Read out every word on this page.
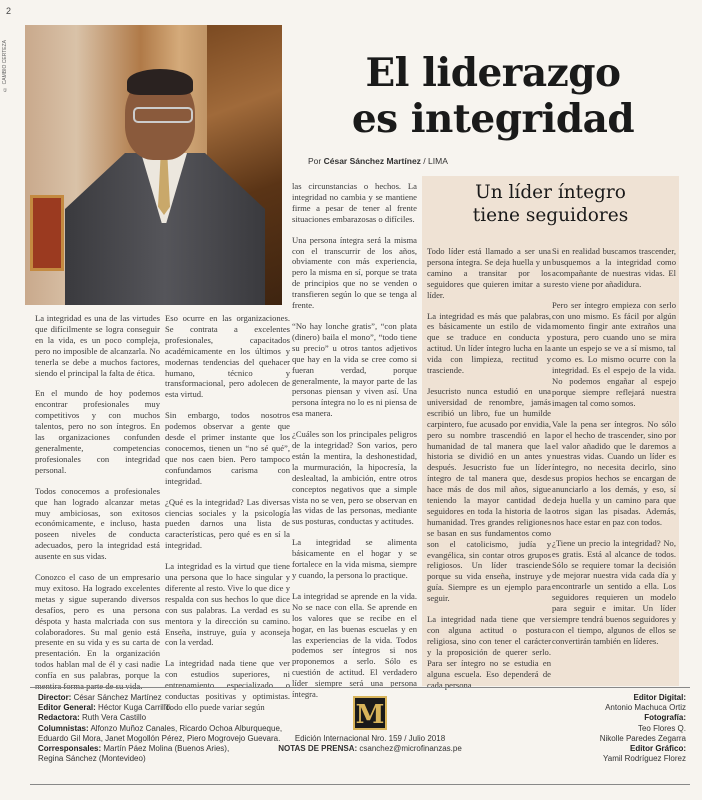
2
© CAMBIO CERTEZA	El liderazgo
es integridad
Por César Sánchez Martínez / LIMA

La integridad es una de las virtudes que difícilmente se logra conseguir en la vida, es un poco compleja, pero no imposible de alcanzarla. No tenerla se debe a muchos factores, siendo el principal la falta de ética.

En el mundo de hoy podemos encontrar profesionales muy competitivos y con muchos talentos, pero no son íntegros. En las organizaciones confunden generalmente, competencias profesionales con integridad personal.

Todos conocemos a profesionales que han logrado alcanzar metas muy ambiciosas, son exitosos económicamente, e incluso, hasta poseen niveles de conducta adecuados, pero la integridad está ausente en sus vidas.

Conozco el caso de un empresario muy exitoso. Ha logrado excelentes metas y sigue superando diversos desafíos, pero es una persona déspota y hasta malcriada con sus colaboradores. Su mal genio está presente en su vida y es su carta de presentación. En la organización todos hablan mal de él y casi nadie confía en sus palabras, porque la mentira forma parte de su vida.

Eso ocurre en las organizaciones. Se contrata a excelentes profesionales, capacitados académicamente en los últimos y modernas tendencias del quehacer humano, técnico y transformacional, pero adolecen de esta virtud.

Sin embargo, todos nosotros podemos observar a gente que desde el primer instante que los conocemos, tienen un “no sé qué”, que nos caen bien. Pero tampoco confundamos carisma con integridad.

¿Qué es la integridad? Las diversas ciencias sociales y la psicología pueden darnos una lista de características, pero qué es en sí la integridad.

La integridad es la virtud que tiene una persona que lo hace singular y diferente al resto. Vive lo que dice y respalda con sus hechos lo que dice con sus palabras. La verdad es su mentora y la dirección su camino. Enseña, instruye, guía y aconseja con la verdad.

La integridad nada tiene que ver con estudios superiores, ni entrenamiento especializado o conductas positivas y optimistas. Todo ello puede variar según

las circunstancias o hechos. La integridad no cambia y se mantiene firme a pesar de tener al frente situaciones embarazosas o difíciles.

Una persona íntegra será la misma con el transcurrir de los años, obviamente con más experiencia, pero la misma en sí, porque se trata de principios que no se venden o transfieren según lo que se tenga al frente.

“No hay lonche gratis”, “con plata (dinero) baila el mono”, “todo tiene su precio” u otros tantos adjetivos que hay en la vida se cree como si fueran verdad, porque generalmente, la mayor parte de las personas piensan y viven así. Una persona íntegra no lo es ni piensa de esa manera.

¿Cuáles son los principales peligros de la integridad? Son varios, pero están la mentira, la deshonestidad, la murmuración, la hipocresía, la deslealtad, la ambición, entre otros conceptos negativos que a simple vista no se ven, pero se observan en las vidas de las personas, mediante sus posturas, conductas y actitudes.

La integridad se alimenta básicamente en el hogar y se fortalece en la vida misma, siempre y cuando, la persona lo practique.

La integridad se aprende en la vida. No se nace con ella. Se aprende en los valores que se recibe en el hogar, en las buenas escuelas y en las experiencias de la vida. Todos podemos ser íntegros si nos proponemos a serlo. Sólo es cuestión de actitud. El verdadero líder siempre será una persona íntegra.

Un líder íntegro
tiene seguidores

Todo líder está llamado a ser una persona íntegra. Se deja huella y un camino a transitar por los seguidores que quieren imitar a su líder.

La integridad es más que palabras, es básicamente un estilo de vida que se traduce en conducta y actitud. Un líder íntegro lucha en la vida con limpieza, rectitud y trasciende.

Jesucristo nunca estudió en una universidad de renombre, jamás escribió un libro, fue un humilde carpintero, fue acusado por envidia, pero su nombre trascendió en la humanidad de tal manera que la historia se dividió en un antes y después. Jesucristo fue un líder íntegro de tal manera que, desde hace más de dos mil años, sigue teniendo la mayor cantidad de seguidores en toda la historia de la humanidad. Tres grandes religiones se basan en sus fundamentos como son el catolicismo, judía y evangélica, sin contar otros grupos religiosos. Un líder trasciende porque su vida enseña, instruye y guía. Siempre es un ejemplo para seguir.

La integridad nada tiene que ver con alguna actitud o postura religiosa, sino con tener el carácter y la proposición de querer serlo. Para ser íntegro no se estudia en alguna escuela. Eso dependerá de cada persona.

Si en realidad buscamos trascender, busquemos a la integridad como acompañante de nuestras vidas. El resto viene por añadidura.

Pero ser íntegro empieza con serlo con uno mismo. Es fácil por algún momento fingir ante extraños una postura, pero cuando uno se mira ante un espejo se ve a sí mismo, tal como es. Lo mismo ocurre con la integridad. Es el espejo de la vida. No podemos engañar al espejo porque siempre reflejará nuestra imagen tal como somos.

Vale la pena ser íntegros. No sólo por el hecho de trascender, sino por el valor añadido que le daremos a nuestras vidas. Cuando un líder es íntegro, no necesita decirlo, sino sus propios hechos se encargan de anunciarlo a los demás, y eso, sí deja huella y un camino para que otros sigan las pisadas. Además, nos hace estar en paz con todos.

¿Tiene un precio la integridad? No, es gratis. Está al alcance de todos. Sólo se requiere tomar la decisión de mejorar nuestra vida cada día y encontrarle un sentido a ella. Los seguidores requieren un modelo para seguir e imitar. Un líder siempre tendrá buenos seguidores y con el tiempo, algunos de ellos se convertirán también en líderes.

Director: César Sánchez Martínez
Editor General: Héctor Kuga Carrillo.
Redactora: Ruth Vera Castillo
Columnistas: Alfonzo Muñoz Canales, Ricardo Ochoa Alburqueque,
Eduardo Gil Mora, Janet Mogollón Pérez, Piero Mogrovejo Guevara.
Corresponsales: Martín Páez Molina (Buenos Aries),
Regina Sánchez (Montevideo)
M
Edición Internacional Nro. 159 / Julio 2018
NOTAS DE PRENSA: csanchez@microfinanzas.pe
Editor Digital:
Antonio Machuca Ortiz
Fotografía:
Teo Flores Q.
Nikolle Paredes Zegarra
Editor Gráfico:
Yamil Rodríguez Florez
